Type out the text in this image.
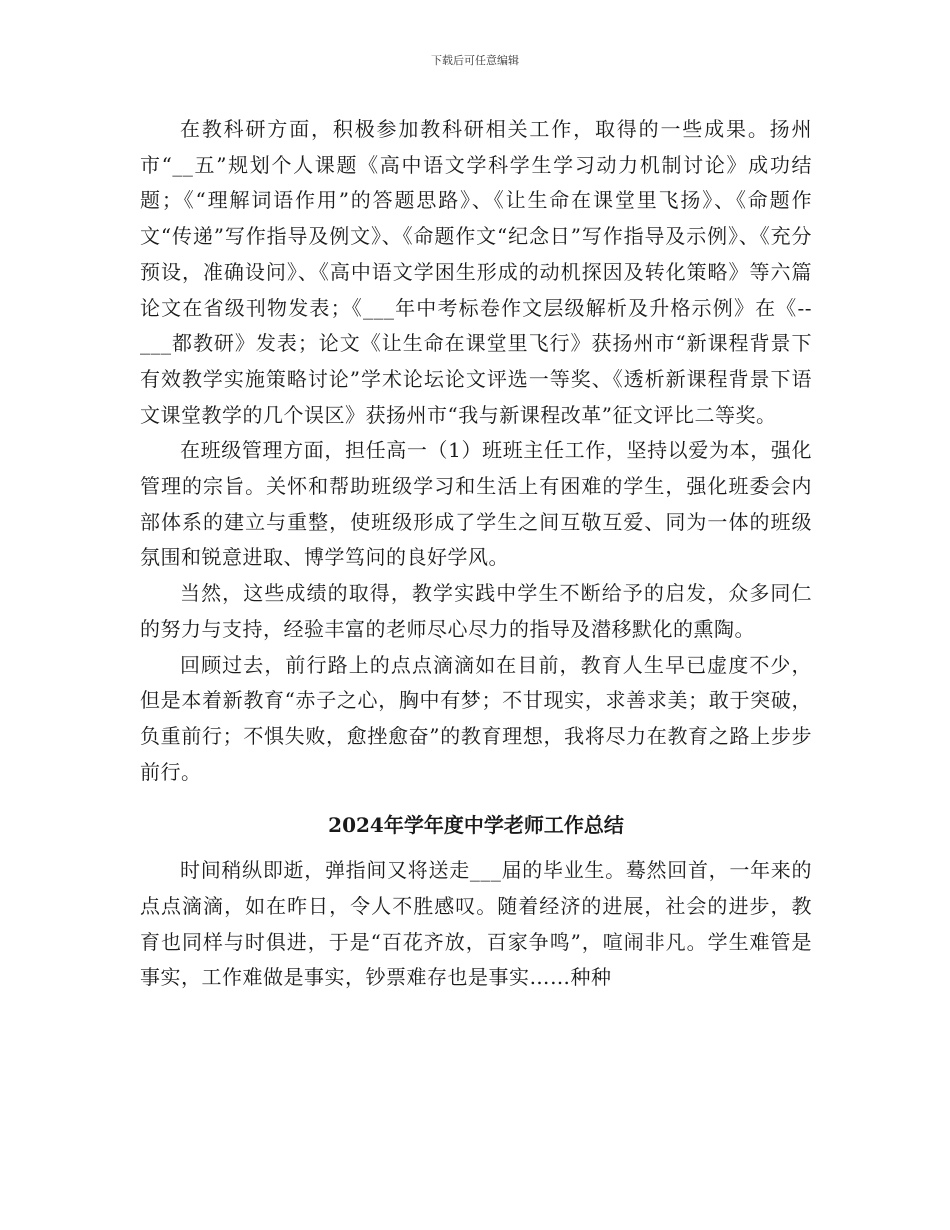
下载后可任意编辑

在教科研方面，积极参加教科研相关工作，取得的一些成果。扬州市“__五”规划个人课题《高中语文学科学生学习动力机制讨论》成功结题；《“理解词语作用”的答题思路》、《让生命在课堂里飞扬》、《命题作文“传递”写作指导及例文》、《命题作文“纪念日”写作指导及示例》、《充分预设，准确设问》、《高中语文学困生形成的动机探因及转化策略》等六篇论文在省级刊物发表；《___年中考标卷作文层级解析及升格示例》在《--___都教研》发表；论文《让生命在课堂里飞行》获扬州市“新课程背景下有效教学实施策略讨论”学术论坛论文评选一等奖、《透析新课程背景下语文课堂教学的几个误区》获扬州市“我与新课程改革”征文评比二等奖。

在班级管理方面，担任高一（1）班班主任工作，坚持以爱为本，强化管理的宗旨。关怀和帮助班级学习和生活上有困难的学生，强化班委会内部体系的建立与重整，使班级形成了学生之间互敬互爱、同为一体的班级氛围和锐意进取、博学笃问的良好学风。

当然，这些成绩的取得，教学实践中学生不断给予的启发，众多同仁的努力与支持，经验丰富的老师尽心尽力的指导及潜移默化的熏陶。

回顾过去，前行路上的点点滴滴如在目前，教育人生早已虚度不少，但是本着新教育“赤子之心，胸中有梦；不甘现实，求善求美；敢于突破，负重前行；不惧失败，愈挫愈奋”的教育理想，我将尽力在教育之路上步步前行。

2024年学年度中学老师工作总结

时间稍纵即逝，弹指间又将送走___届的毕业生。蓦然回首，一年来的点点滴滴，如在昨日，令人不胜感叹。随着经济的进展，社会的进步，教育也同样与时俱进，于是“百花齐放，百家争鸣”，喧闹非凡。学生难管是事实，工作难做是事实，钞票难存也是事实……种种
